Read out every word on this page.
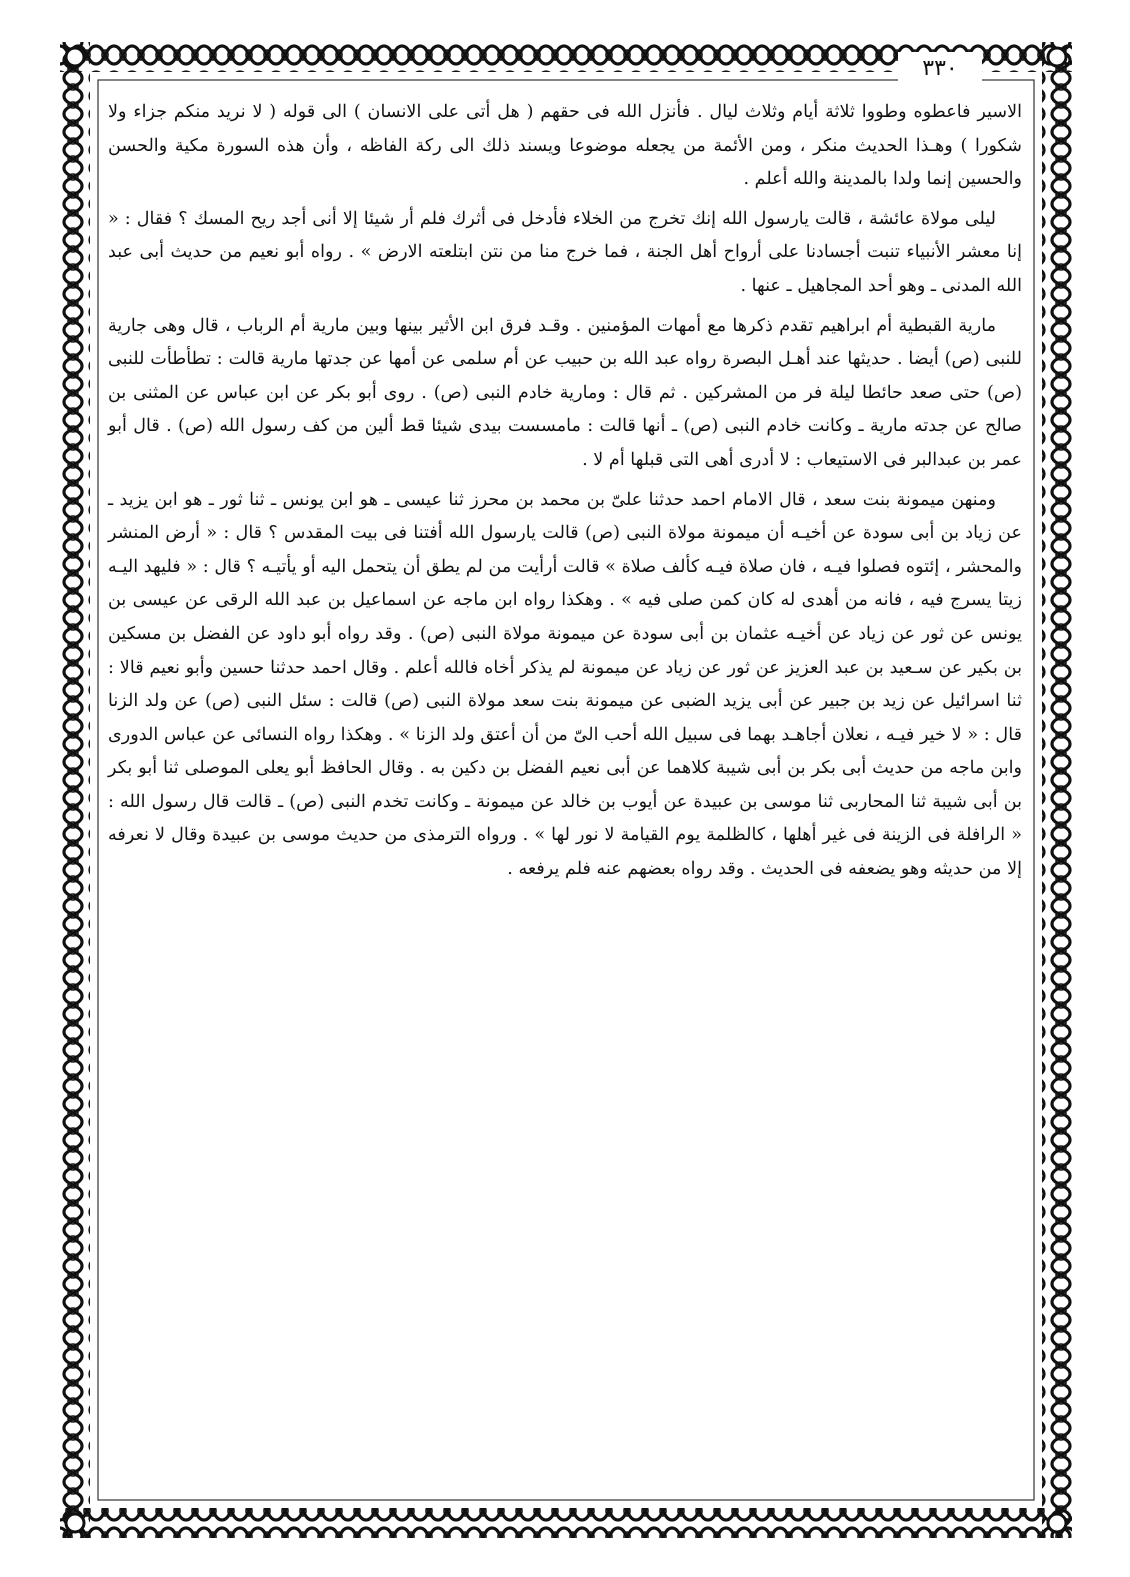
٣٣٠

الاسير فاعطوه وطووا ثلاثة أيام وثلاث ليال . فأنزل الله فى حقهم ( هل أتى على الانسان ) الى قوله ( لا نريد منكم جزاء ولا شكورا ) وهـذا الحديث منكر ، ومن الأئمة من يجعله موضوعا ويسند ذلك الى ركة الفاظه ، وأن هذه السورة مكية والحسن والحسين إنما ولدا بالمدينة والله أعلم .

ليلى مولاة عائشة ، قالت يارسول الله إنك تخرج من الخلاء فأدخل فى أثرك فلم أر شيئا إلا أنى أجد ريح المسك ؟ فقال : « إنا معشر الأنبياء تنبت أجسادنا على أرواح أهل الجنة ، فما خرج منا من نتن ابتلعته الارض » . رواه أبو نعيم من حديث أبى عبد الله المدنى ـ وهو أحد المجاهيل ـ عنها .

مارية القبطية أم ابراهيم تقدم ذكرها مع أمهات المؤمنين . وقـد فرق ابن الأثير بينها وبين مارية أم الرباب ، قال وهى جارية للنبى (ص) أيضا . حديثها عند أهـل البصرة رواه عبد الله بن حبيب عن أم سلمى عن أمها عن جدتها مارية قالت : تطأطأت للنبى (ص) حتى صعد حائطا ليلة فر من المشركين . ثم قال : ومارية خادم النبى (ص) . روى أبو بكر عن ابن عباس عن المثنى بن صالح عن جدته مارية ـ وكانت خادم النبى (ص) ـ أنها قالت : مامسست بيدى شيئا قط ألين من كف رسول الله (ص) . قال أبو عمر بن عبدالبر فى الاستيعاب : لا أدرى أهى التى قبلها أم لا .

ومنهن ميمونة بنت سعد ، قال الامام احمد حدثنا علىّ بن محمد بن محرز ثنا عيسى ـ هو ابن يونس ـ ثنا ثور ـ هو ابن يزيد ـ عن زياد بن أبى سودة عن أخيـه أن ميمونة مولاة النبى (ص) قالت يارسول الله أفتنا فى بيت المقدس ؟ قال : « أرض المنشر والمحشر ، إئتوه فصلوا فيـه ، فان صلاة فيـه كألف صلاة » قالت أرأيت من لم يطق أن يتحمل اليه أو يأتيـه ؟ قال : « فليهد اليـه زيتا يسرج فيه ، فانه من أهدى له كان كمن صلى فيه » . وهكذا رواه ابن ماجه عن اسماعيل بن عبد الله الرقى عن عيسى بن يونس عن ثور عن زياد عن أخيـه عثمان بن أبى سودة عن ميمونة مولاة النبى (ص) . وقد رواه أبو داود عن الفضل بن مسكين بن بكير عن سـعيد بن عبد العزيز عن ثور عن زياد عن ميمونة لم يذكر أخاه فالله أعلم . وقال احمد حدثنا حسين وأبو نعيم قالا : ثنا اسرائيل عن زيد بن جبير عن أبى يزيد الضبى عن ميمونة بنت سعد مولاة النبى (ص) قالت : سئل النبى (ص) عن ولد الزنا قال : « لا خير فيـه ، نعلان أجاهـد بهما فى سبيل الله أحب الىّ من أن أعتق ولد الزنا » . وهكذا رواه النسائى عن عباس الدورى وابن ماجه من حديث أبى بكر بن أبى شيبة كلاهما عن أبى نعيم الفضل بن دكين به . وقال الحافظ أبو يعلى الموصلى ثنا أبو بكر بن أبى شيبة ثنا المحاربى ثنا موسى بن عبيدة عن أيوب بن خالد عن ميمونة ـ وكانت تخدم النبى (ص) ـ قالت قال رسول الله : « الرافلة فى الزينة فى غير أهلها ، كالظلمة يوم القيامة لا نور لها » . ورواه الترمذى من حديث موسى بن عبيدة وقال لا نعرفه إلا من حديثه وهو يضعفه فى الحديث . وقد رواه بعضهم عنه فلم يرفعه .
